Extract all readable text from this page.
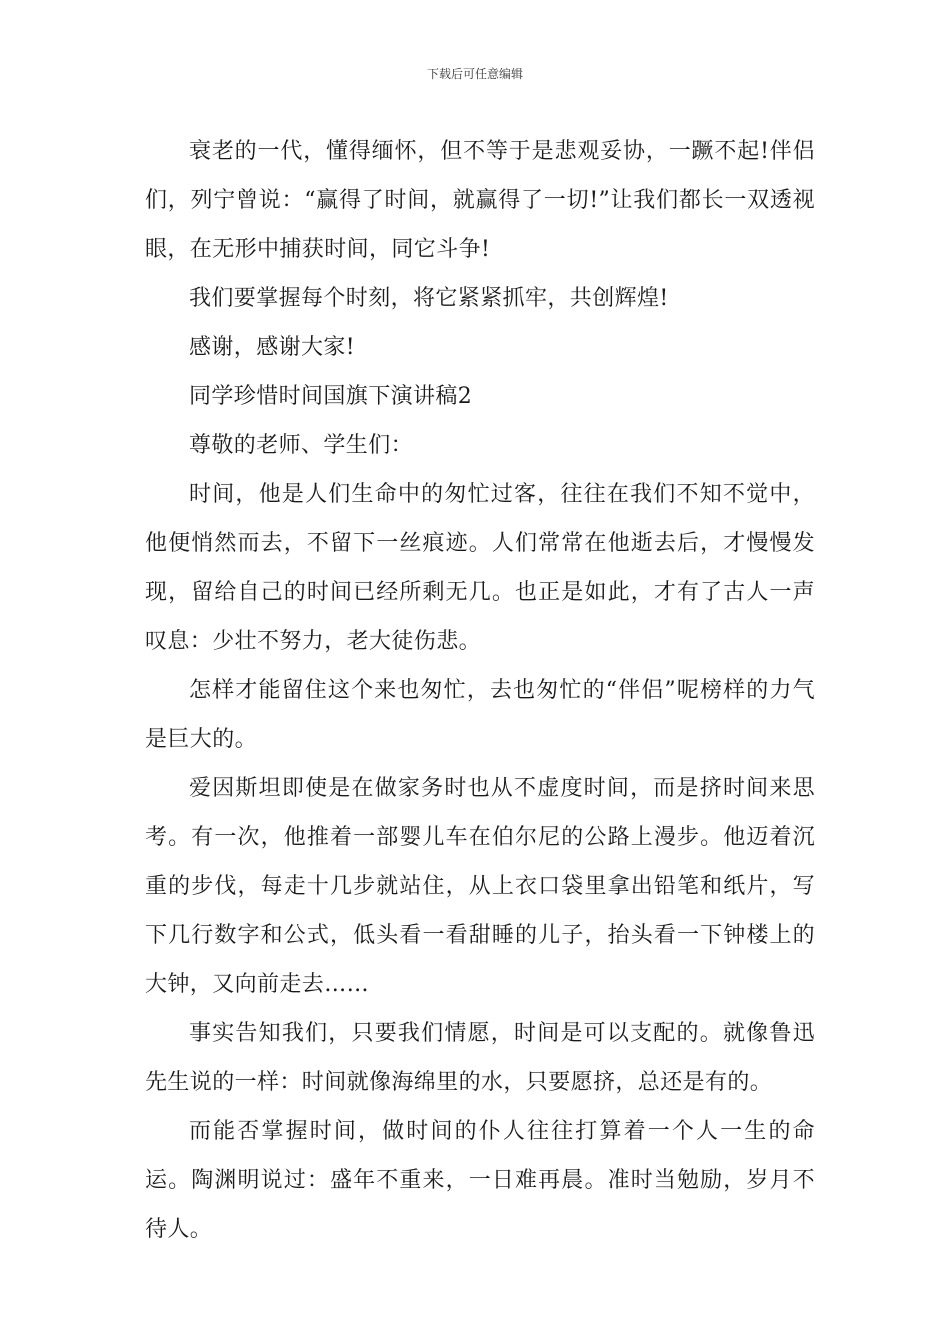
下载后可任意编辑

衰老的一代，懂得缅怀，但不等于是悲观妥协，一蹶不起!伴侣们，列宁曾说：“赢得了时间，就赢得了一切!”让我们都长一双透视眼，在无形中捕获时间，同它斗争!

我们要掌握每个时刻，将它紧紧抓牢，共创辉煌!

感谢，感谢大家!

同学珍惜时间国旗下演讲稿2

尊敬的老师、学生们：

时间，他是人们生命中的匆忙过客，往往在我们不知不觉中，他便悄然而去，不留下一丝痕迹。人们常常在他逝去后，才慢慢发现，留给自己的时间已经所剩无几。也正是如此，才有了古人一声叹息：少壮不努力，老大徒伤悲。

怎样才能留住这个来也匆忙，去也匆忙的“伴侣”呢榜样的力气是巨大的。

爱因斯坦即使是在做家务时也从不虚度时间，而是挤时间来思考。有一次，他推着一部婴儿车在伯尔尼的公路上漫步。他迈着沉重的步伐，每走十几步就站住，从上衣口袋里拿出铅笔和纸片，写下几行数字和公式，低头看一看甜睡的儿子，抬头看一下钟楼上的大钟，又向前走去……

事实告知我们，只要我们情愿，时间是可以支配的。就像鲁迅先生说的一样：时间就像海绵里的水，只要愿挤，总还是有的。

而能否掌握时间，做时间的仆人往往打算着一个人一生的命运。陶渊明说过：盛年不重来，一日难再晨。准时当勉励，岁月不待人。
